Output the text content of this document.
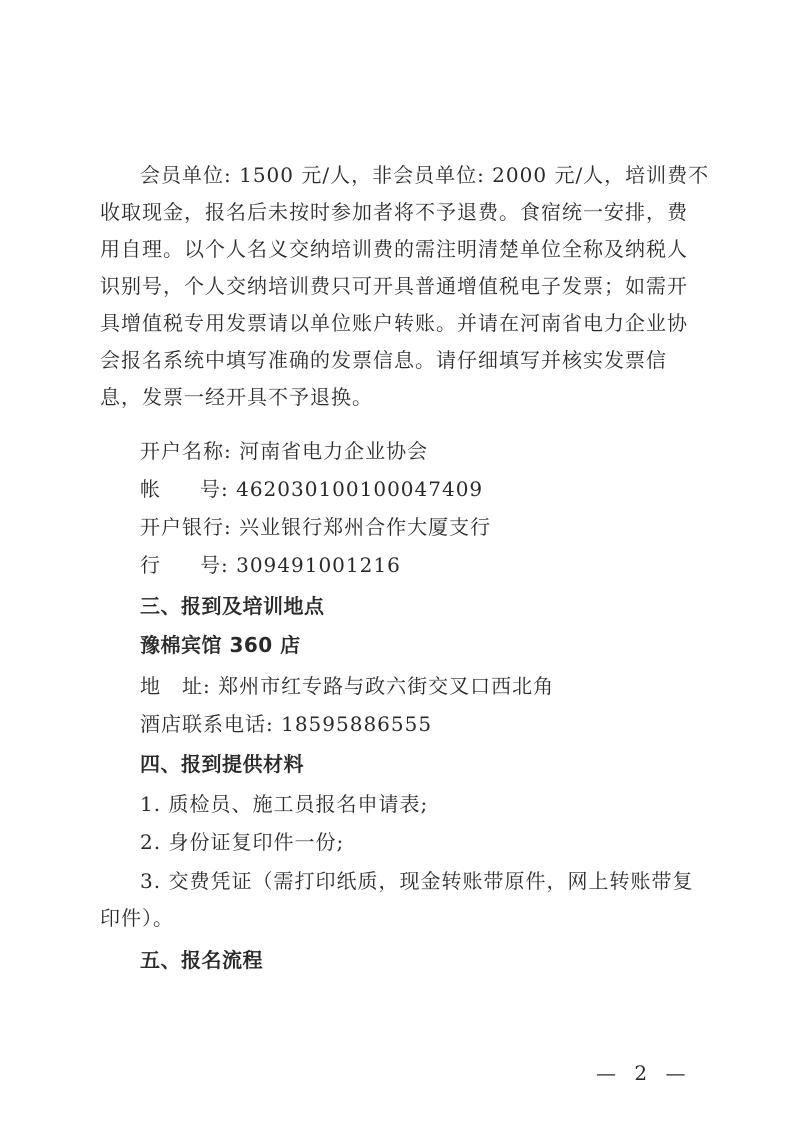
会员单位: 1500 元/人，非会员单位: 2000 元/人，培训费不
收取现金，报名后未按时参加者将不予退费。食宿统一安排，费
用自理。以个人名义交纳培训费的需注明清楚单位全称及纳税人
识别号，个人交纳培训费只可开具普通增值税电子发票；如需开
具增值税专用发票请以单位账户转账。并请在河南省电力企业协
会报名系统中填写准确的发票信息。请仔细填写并核实发票信
息，发票一经开具不予退换。
开户名称: 河南省电力企业协会
帐 号: 462030100100047409
开户银行: 兴业银行郑州合作大厦支行
行 号: 309491001216
三、报到及培训地点
豫棉宾馆 360 店
地 址: 郑州市红专路与政六街交叉口西北角
酒店联系电话: 18595886555
四、报到提供材料
1. 质检员、施工员报名申请表;
2. 身份证复印件一份;
3. 交费凭证（需打印纸质，现金转账带原件，网上转账带复
印件）。
五、报名流程
— 2 —
